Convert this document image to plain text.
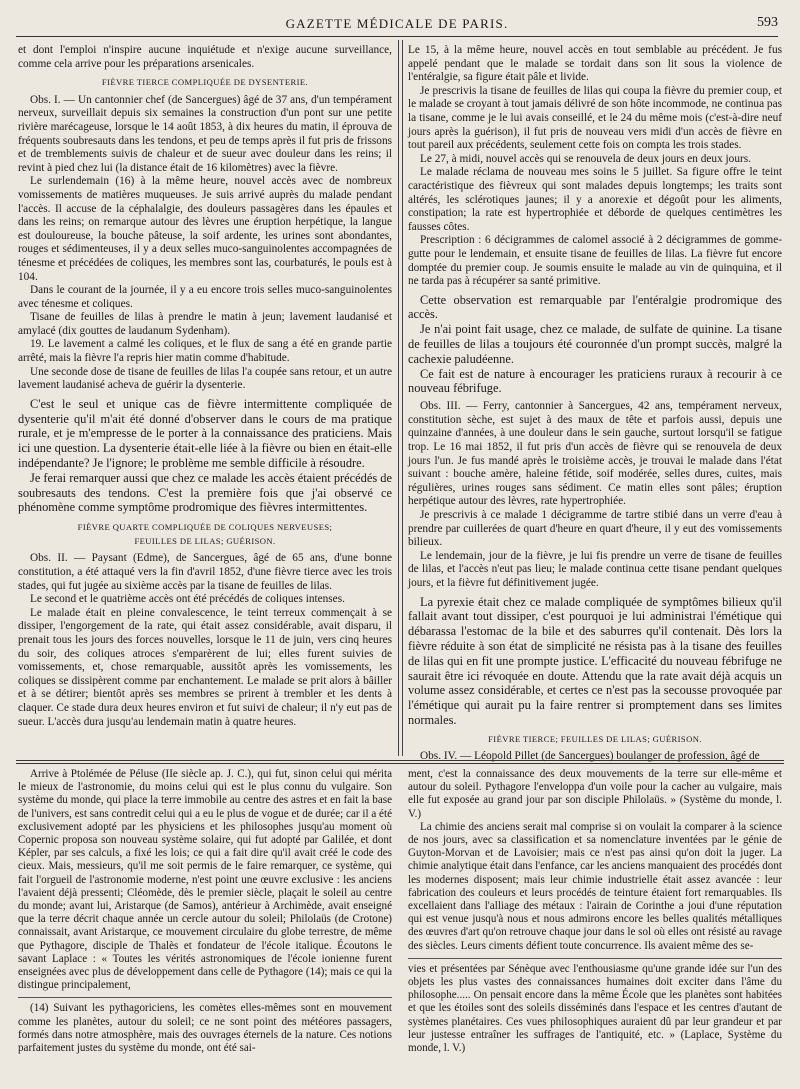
GAZETTE MÉDICALE DE PARIS.	593

et dont l'emploi n'inspire aucune inquiétude et n'exige aucune surveillance, comme cela arrive pour les préparations arsenicales.

FIÈVRE TIERCE COMPLIQUÉE DE DYSENTERIE.

Obs. I. — Un cantonnier chef (de Sancergues) âgé de 37 ans, d'un tempérament nerveux, surveillait depuis six semaines la construction d'un pont sur une petite rivière marécageuse, lorsque le 14 août 1853, à dix heures du matin, il éprouva de fréquents soubresauts dans les tendons, et peu de temps après il fut pris de frissons et de tremblements suivis de chaleur et de sueur avec douleur dans les reins; il revint à pied chez lui (la distance était de 16 kilomètres) avec la fièvre.

Le surlendemain (16) à la même heure, nouvel accès avec de nombreux vomissements de matières muqueuses. Je suis arrivé auprès du malade pendant l'accès. Il accuse de la céphalalgie, des douleurs passagères dans les épaules et dans les reins; on remarque autour des lèvres une éruption herpétique, la langue est douloureuse, la bouche pâteuse, la soif ardente, les urines sont abondantes, rouges et sédimenteuses, il y a deux selles muco-sanguinolentes accompagnées de ténesme et précédées de coliques, les membres sont las, courbaturés, le pouls est à 104.

Dans le courant de la journée, il y a eu encore trois selles muco-sanguinolentes avec ténesme et coliques.

Tisane de feuilles de lilas à prendre le matin à jeun; lavement laudanisé et amylacé (dix gouttes de laudanum Sydenham).

19. Le lavement a calmé les coliques, et le flux de sang a été en grande partie arrêté, mais la fièvre l'a repris hier matin comme d'habitude.

Une seconde dose de tisane de feuilles de lilas l'a coupée sans retour, et un autre lavement laudanisé acheva de guérir la dysenterie.

C'est le seul et unique cas de fièvre intermittente compliquée de dysenterie qu'il m'ait été donné d'observer dans le cours de ma pratique rurale, et je m'empresse de le porter à la connaissance des praticiens. Mais ici une question. La dysenterie était-elle liée à la fièvre ou bien en était-elle indépendante? Je l'ignore; le problème me semble difficile à résoudre.

Je ferai remarquer aussi que chez ce malade les accès étaient précédés de soubresauts des tendons. C'est la première fois que j'ai observé ce phénomène comme symptôme prodromique des fièvres intermittentes.

FIÈVRE QUARTE COMPLIQUÉE DE COLIQUES NERVEUSES;
FEUILLES DE LILAS; GUÉRISON.

Obs. II. — Paysant (Edme), de Sancergues, âgé de 65 ans, d'une bonne constitution, a été attaqué vers la fin d'avril 1852, d'une fièvre tierce avec les trois stades, qui fut jugée au sixième accès par la tisane de feuilles de lilas.

Le second et le quatrième accès ont été précédés de coliques intenses.

Le malade était en pleine convalescence, le teint terreux commençait à se dissiper, l'engorgement de la rate, qui était assez considérable, avait disparu, il prenait tous les jours des forces nouvelles, lorsque le 11 de juin, vers cinq heures du soir, des coliques atroces s'emparèrent de lui; elles furent suivies de vomissements, et, chose remarquable, aussitôt après les vomissements, les coliques se dissipèrent comme par enchantement. Le malade se prit alors à bâiller et à se détirer; bientôt après ses membres se prirent à trembler et les dents à claquer. Ce stade dura deux heures environ et fut suivi de chaleur; il n'y eut pas de sueur. L'accès dura jusqu'au lendemain matin à quatre heures.

Le 15, à la même heure, nouvel accès en tout semblable au précédent. Je fus appelé pendant que le malade se tordait dans son lit sous la violence de l'entéralgie, sa figure était pâle et livide.

Je prescrivis la tisane de feuilles de lilas qui coupa la fièvre du premier coup, et le malade se croyant à tout jamais délivré de son hôte incommode, ne continua pas la tisane, comme je le lui avais conseillé, et le 24 du même mois (c'est-à-dire neuf jours après la guérison), il fut pris de nouveau vers midi d'un accès de fièvre en tout pareil aux précédents, seulement cette fois on compta les trois stades.

Le 27, à midi, nouvel accès qui se renouvela de deux jours en deux jours.

Le malade réclama de nouveau mes soins le 5 juillet. Sa figure offre le teint caractéristique des fièvreux qui sont malades depuis longtemps; les traits sont altérés, les sclérotiques jaunes; il y a anorexie et dégoût pour les aliments, constipation; la rate est hypertrophiée et déborde de quelques centimètres les fausses côtes.

Prescription : 6 décigrammes de calomel associé à 2 décigrammes de gomme-gutte pour le lendemain, et ensuite tisane de feuilles de lilas. La fièvre fut encore domptée du premier coup. Je soumis ensuite le malade au vin de quinquina, et il ne tarda pas à récupérer sa santé primitive.

Cette observation est remarquable par l'entéralgie prodromique des accès.

Je n'ai point fait usage, chez ce malade, de sulfate de quinine. La tisane de feuilles de lilas a toujours été couronnée d'un prompt succès, malgré la cachexie paludéenne.

Ce fait est de nature à encourager les praticiens ruraux à recourir à ce nouveau fébrifuge.

Obs. III. — Ferry, cantonnier à Sancergues, 42 ans, tempérament nerveux, constitution sèche, est sujet à des maux de tête et parfois aussi, depuis une quinzaine d'années, à une douleur dans le sein gauche, surtout lorsqu'il se fatigue trop. Le 16 mai 1852, il fut pris d'un accès de fièvre qui se renouvela de deux jours l'un. Je fus mandé après le troisième accès, je trouvai le malade dans l'état suivant : bouche amère, haleine fétide, soif modérée, selles dures, cuites, mais régulières, urines rouges sans sédiment. Ce matin elles sont pâles; éruption herpétique autour des lèvres, rate hypertrophiée.

Je prescrivis à ce malade 1 décigramme de tartre stibié dans un verre d'eau à prendre par cuillerées de quart d'heure en quart d'heure, il y eut des vomissements bilieux.

Le lendemain, jour de la fièvre, je lui fis prendre un verre de tisane de feuilles de lilas, et l'accès n'eut pas lieu; le malade continua cette tisane pendant quelques jours, et la fièvre fut définitivement jugée.

La pyrexie était chez ce malade compliquée de symptômes bilieux qu'il fallait avant tout dissiper, c'est pourquoi je lui administrai l'émétique qui débarassa l'estomac de la bile et des saburres qu'il contenait. Dès lors la fièvre réduite à son état de simplicité ne résista pas à la tisane des feuilles de lilas qui en fit une prompte justice. L'efficacité du nouveau fébrifuge ne saurait être ici révoquée en doute. Attendu que la rate avait déjà acquis un volume assez considérable, et certes ce n'est pas la secousse provoquée par l'émétique qui aurait pu la faire rentrer si promptement dans ses limites normales.

FIÈVRE TIERCE; FEUILLES DE LILAS; GUÉRISON.

Obs. IV. — Léopold Pillet (de Sancergues) boulanger de profession, âgé de

Arrive à Ptolémée de Péluse (IIe siècle ap. J. C.), qui fut, sinon celui qui mérita le mieux de l'astronomie, du moins celui qui est le plus connu du vulgaire. Son système du monde, qui place la terre immobile au centre des astres et en fait la base de l'univers, est sans contredit celui qui a eu le plus de vogue et de durée; car il a été exclusivement adopté par les physiciens et les philosophes jusqu'au moment où Copernic proposa son nouveau système solaire, qui fut adopté par Galilée, et dont Képler, par ses calculs, a fixé les lois; ce qui a fait dire qu'il avait créé le code des cieux. Mais, messieurs, qu'il me soit permis de le faire remarquer, ce système, qui fait l'orgueil de l'astronomie moderne, n'est point une œuvre exclusive : les anciens l'avaient déjà pressenti; Cléomède, dès le premier siècle, plaçait le soleil au centre du monde; avant lui, Aristarque (de Samos), antérieur à Archimède, avait enseigné que la terre décrit chaque année un cercle autour du soleil; Philolaüs (de Crotone) connaissait, avant Aristarque, ce mouvement circulaire du globe terrestre, de même que Pythagore, disciple de Thalès et fondateur de l'école italique. Écoutons le savant Laplace : « Toutes les vérités astronomiques de l'école ionienne furent enseignées avec plus de développement dans celle de Pythagore (14); mais ce qui la distingue principalement,

(14) Suivant les pythagoriciens, les comètes elles-mêmes sont en mouvement comme les planètes, autour du soleil; ce ne sont point des météores passagers, formés dans notre atmosphère, mais des ouvrages éternels de la nature. Ces notions parfaitement justes du système du monde, ont été sai-

ment, c'est la connaissance des deux mouvements de la terre sur elle-même et autour du soleil. Pythagore l'enveloppa d'un voile pour la cacher au vulgaire, mais elle fut exposée au grand jour par son disciple Philolaüs. » (Système du monde, l. V.)

La chimie des anciens serait mal comprise si on voulait la comparer à la science de nos jours, avec sa classification et sa nomenclature inventées par le génie de Guyton-Morvan et de Lavoisier; mais ce n'est pas ainsi qu'on doit la juger. La chimie analytique était dans l'enfance, car les anciens manquaient des procédés dont les modernes disposent; mais leur chimie industrielle était assez avancée : leur fabrication des couleurs et leurs procédés de teinture étaient fort remarquables. Ils excellaient dans l'alliage des métaux : l'airain de Corinthe a joui d'une réputation qui est venue jusqu'à nous et nous admirons encore les belles qualités métalliques des œuvres d'art qu'on retrouve chaque jour dans le sol où elles ont résisté au ravage des siècles. Leurs ciments défient toute concurrence. Ils avaient même des se-

vies et présentées par Sénèque avec l'enthousiasme qu'une grande idée sur l'un des objets les plus vastes des connaissances humaines doit exciter dans l'âme du philosophe..... On pensait encore dans la même École que les planètes sont habitées et que les étoiles sont des soleils disséminés dans l'espace et les centres d'autant de systèmes planétaires. Ces vues philosophiques auraient dû par leur grandeur et par leur justesse entraîner les suffrages de l'antiquité, etc. » (Laplace, Système du monde, l. V.)
